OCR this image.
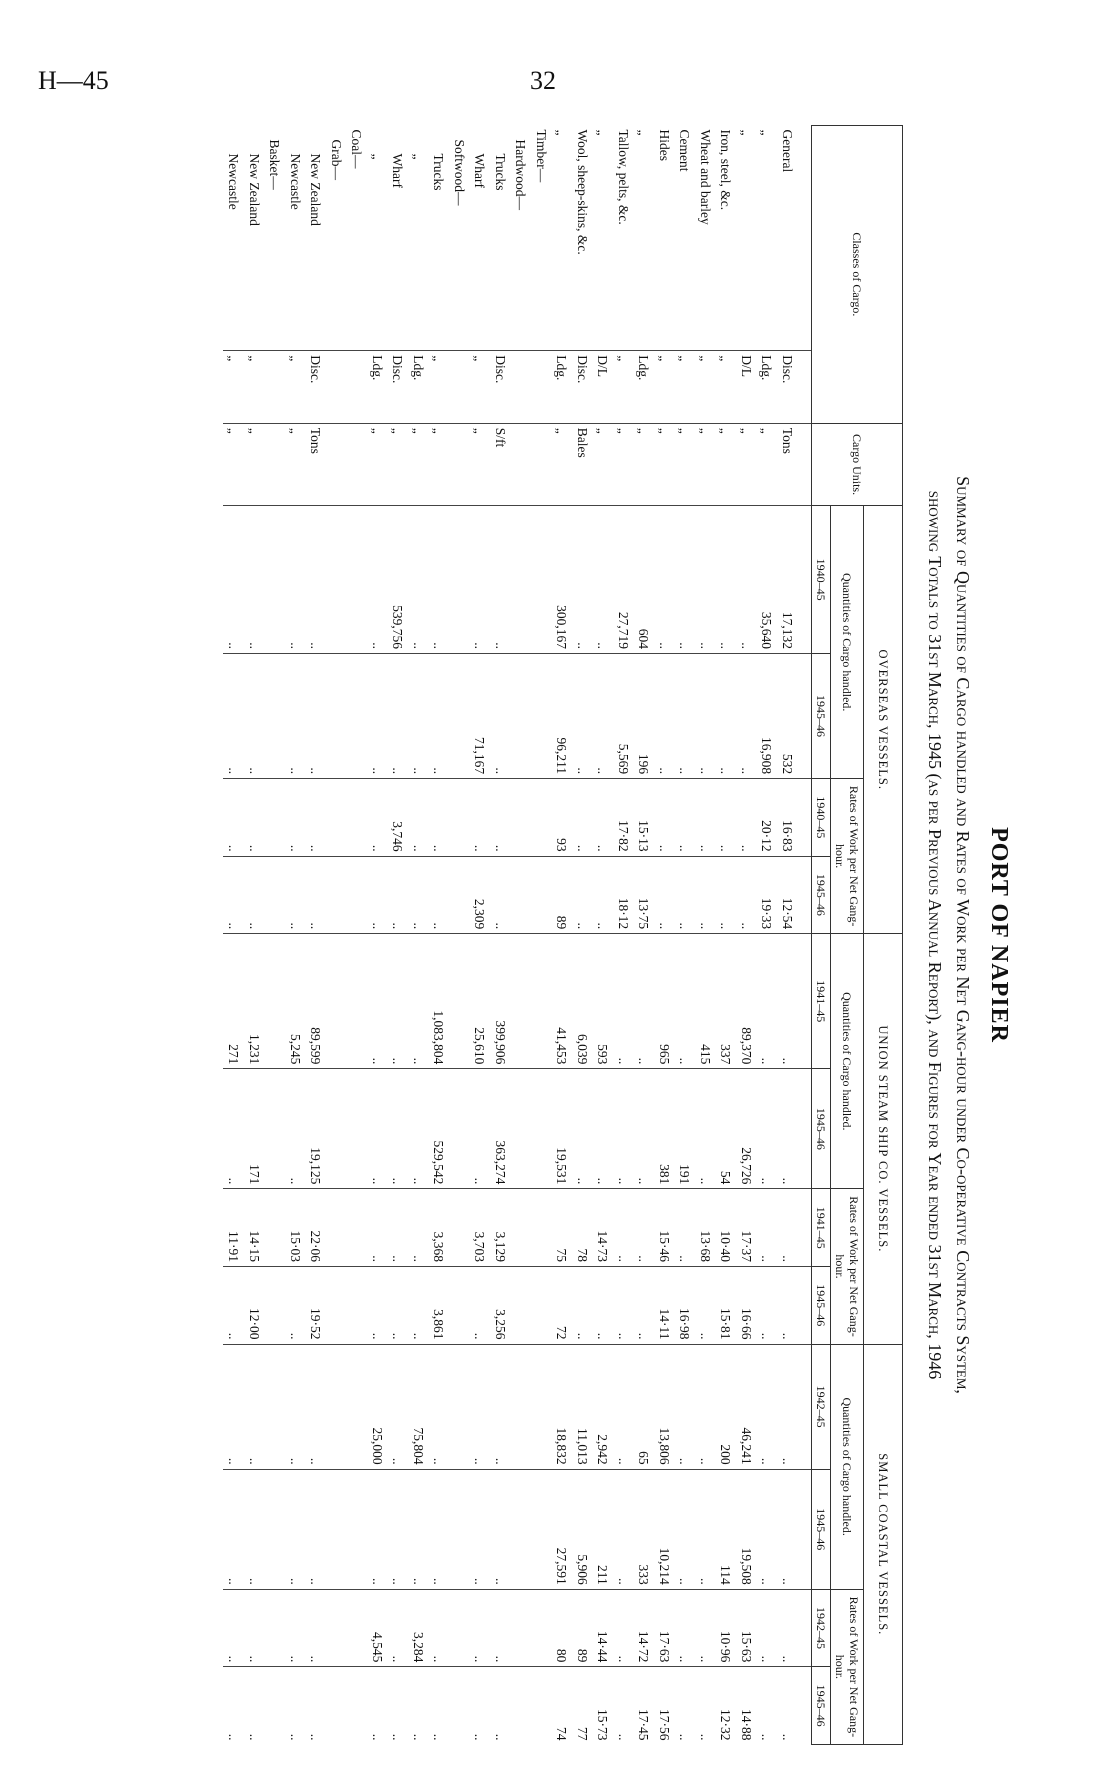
H—45	32
PORT OF NAPIER
Summary of Quantities of Cargo handled and Rates of Work per Net Gang-hour under Co-operative Contracts System,
showing Totals to 31st March, 1945 (as per Previous Annual Report), and Figures for Year ended 31st March, 1946
Classes of Cargo.		Cargo Units.	OVERSEAS VESSELS.				UNION STEAM SHIP CO. VESSELS.				SMALL COASTAL VESSELS.			
			Quantities of Cargo handled.		Rates of Work per Net Gang-hour.		Quantities of Cargo handled.		Rates of Work per Net Gang-hour.		Quantities of Cargo handled.		Rates of Work per Net Gang-hour.	
			1940–45	1945–46	1940–45	1945–46	1941–45	1945–46	1941–45	1945–46	1942–45	1945–46	1942–45	1945–46
General	Disc.	Tons	17,132	532	16·83	12·54	..	..	..	..	..	..	..	..
„	Ldg.	„	35,640	16,908	20·12	19·33	..	..	..	..	..	..	..	..
„	D/L	„	..	..	..	..	89,370	26,726	17·37	16·66	46,241	19,508	15·63	14·88
Iron, steel, &c.	„	„	..	..	..	..	337	54	10·40	15·81	200	114	10·96	12·32
Wheat and barley	„	„	..	..	..	..	415	..	13·68	..	..	..	..	..
Cement	„	„	..	..	..	..	..	191	..	16·98	..	..	..	..
Hides	„	„	..	..	..	..	965	381	15·46	14·11	13,806	10,214	17·63	17·56
„	Ldg.	„	604	196	15·13	13·75	..	..	..	..	65	333	14·72	17·45
Tallow, pelts, &c.	„	„	27,719	5,569	17·82	18·12	..	..	..	..	..	..	..	..
„	D/L	„	..	..	..	..	593	..	14·73	..	2,942	211	14·44	15·73
Wool, sheep-skins, &c.	Disc.	Bales	..	..	..	..	6,039	..	78	..	11,013	5,906	89	77
„	Ldg.	„	300,167	96,211	93	89	41,453	19,531	75	72	18,832	27,591	80	74
Timber—														
Hardwood—														
Trucks	Disc.	S/ft	..	..	..	..	399,906	363,274	3,129	3,256	..	..	..	..
Wharf	„	„	..	71,167	..	2,309	25,610	..	3,703	..	..	..	..	..
Softwood—														
Trucks	„	„	..	..	..	..	1,083,804	529,542	3,368	3,861	..	..	..	..
„	Ldg.	„	..	..	..	..	..	..	..	..	75,804	..	3,284	..
Wharf	Disc.	„	539,756	..	3,746	..	..	..	..	..	..	..	..	..
„	Ldg.	„	..	..	..	..	..	..	..	..	25,000	..	4,545	..
Coal—														
Grab—														
New Zealand	Disc.	Tons	..	..	..	..	89,599	19,125	22·06	19·52	..	..	..	..
Newcastle	„	„	..	..	..	..	5,245	..	15·03	..	..	..	..	..
Basket—														
New Zealand	„	„	..	..	..	..	1,231	171	14·15	12·00	..	..	..	..
Newcastle	„	„	..	..	..	..	271	..	11·91	..	..	..	..	..
